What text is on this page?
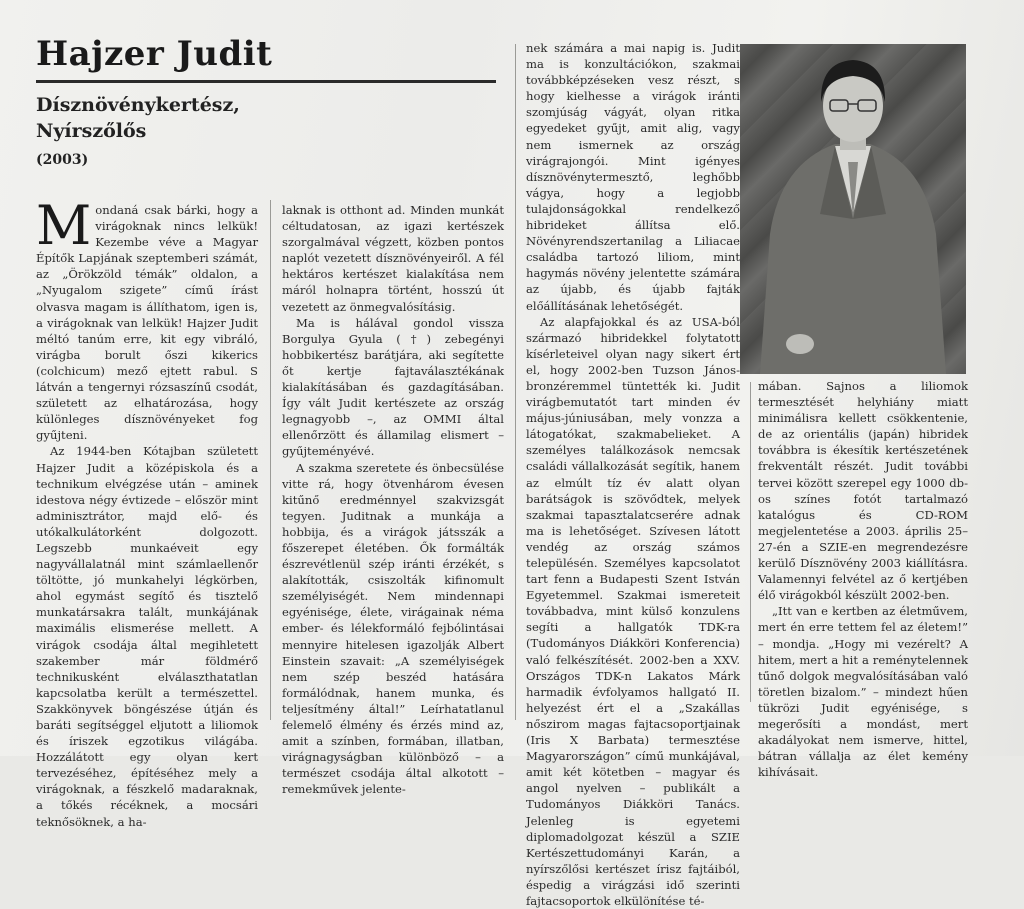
Hajzer Judit
Dísznövénykertész,
Nyírszőlős
(2003)

Mondaná csak bárki, hogy a virágoknak nincs lelkük! Kezembe véve a Magyar Építők Lapjának szeptemberi számát, az „Örökzöld témák” oldalon, a „Nyugalom szigete” című írást olvasva magam is állíthatom, igen is, a virágoknak van lelkük! Hajzer Judit méltó tanúm erre, kit egy vibráló, virágba borult őszi kikerics (colchicum) mező ejtett rabul. S látván a tengernyi rózsaszínű csodát, született az elhatározása, hogy különleges dísznövényeket fog gyűjteni.

Az 1944-ben Kótajban született Hajzer Judit a középiskola és a technikum elvégzése után – aminek idestova négy évtizede – először mint adminisztrátor, majd elő- és utókalkulátorként dolgozott. Legszebb munkaéveit egy nagyvállalatnál mint számlaellenőr töltötte, jó munkahelyi légkörben, ahol egymást segítő és tisztelő munkatársakra talált, munkájának maximális elismerése mellett. A virágok csodája által megihletett szakember már földmérő technikusként elválaszthatatlan kapcsolatba került a természettel. Szakkönyvek böngészése útján és baráti segítséggel eljutott a liliomok és íriszek egzotikus világába. Hozzálátott egy olyan kert tervezéséhez, építéséhez mely a virágoknak, a fészkelő madaraknak, a tőkés récéknek, a mocsári teknősöknek, a ha-

laknak is otthont ad. Minden munkát céltudatosan, az igazi kertészek szorgalmával végzett, közben pontos naplót vezetett dísznövényeiről. A fél hektáros kertészet kialakítása nem máról holnapra történt, hosszú út vezetett az önmegvalósításig.

Ma is hálával gondol vissza Borgulya Gyula (†) zebegényi hobbikertész barátjára, aki segítette őt kertje fajtaválasztékának kialakításában és gazdagításában. Így vált Judit kertészete az ország legnagyobb –, az OMMI által ellenőrzött és államilag elismert – gyűjteményévé.

A szakma szeretete és önbecsülése vitte rá, hogy ötvenhárom évesen kitűnő eredménnyel szakvizsgát tegyen. Juditnak a munkája a hobbija, és a virágok játsszák a főszerepet életében. Ők formálták észrevétlenül szép iránti érzékét, s alakították, csiszolták kifinomult személyiségét. Nem mindennapi egyénisége, élete, virágainak néma ember- és lélekformáló fejbólintásai mennyire hitelesen igazolják Albert Einstein szavait: „A személyiségek nem szép beszéd hatására formálódnak, hanem munka, és teljesítmény által!” Leírhatatlanul felemelő élmény és érzés mind az, amit a színben, formában, illatban, virágnagyságban különböző – a természet csodája által alkotott – remekművek jelente-

nek számára a mai napig is. Judit ma is konzultációkon, szakmai továbbképzéseken vesz részt, s hogy kielhesse a virágok iránti szomjúság vágyát, olyan ritka egyedeket gyűjt, amit alig, vagy nem ismernek az ország virágrajongói. Mint igényes dísznövénytermesztő, leghőbb vágya, hogy a legjobb tulajdonságokkal rendelkező hibrideket állítsa elő. Növényrendszertanilag a Liliacae családba tartozó liliom, mint hagymás növény jelentette számára az újabb, és újabb fajták előállításának lehetőségét.

Az alapfajokkal és az USA-ból származó hibridekkel folytatott kísérleteivel olyan nagy sikert ért el, hogy 2002-ben Tuzson János-bronzéremmel tüntették ki. Judit virágbemutatót tart minden év május-júniusában, mely vonzza a látogatókat, szakmabelieket. A személyes találkozások nemcsak családi vállalkozását segítik, hanem az elmúlt tíz év alatt olyan barátságok is szövődtek, melyek szakmai tapasztalatcserére adnak ma is lehetőséget. Szívesen látott vendég az ország számos településén. Személyes kapcsolatot tart fenn a Budapesti Szent István Egyetemmel. Szakmai ismereteit továbbadva, mint külső konzulens segíti a hallgatók TDK-ra (Tudományos Diákköri Konferencia) való felkészítését. 2002-ben a XXV. Országos TDK-n Lakatos Márk harmadik évfolyamos hallgató II. helyezést ért el a „Szakállas nőszirom magas fajtacsoportjainak (Iris X Barbata) termesztése Magyarországon” című munkájával, amit két kötetben – magyar és angol nyelven – publikált a Tudományos Diákköri Tanács. Jelenleg is egyetemi diplomadolgozat készül a SZIE Kertészettudományi Karán, a nyírszőlősi kertészet írisz fajtáiból, éspedig a virágzási idő szerinti fajtacsoportok elkülönítése té-

mában. Sajnos a liliomok termesztését helyhiány miatt minimálisra kellett csökkentenie, de az orientális (japán) hibridek továbbra is ékesítik kertészetének frekventált részét. Judit további tervei között szerepel egy 1000 db-os színes fotót tartalmazó katalógus és CD-ROM megjelentetése a 2003. április 25–27-én a SZIE-en megrendezésre kerülő Dísznövény 2003 kiállításra. Valamennyi felvétel az ő kertjében élő virágokból készült 2002-ben.

„Itt van e kertben az életművem, mert én erre tettem fel az életem!” – mondja. „Hogy mi vezérelt? A hitem, mert a hit a reménytelennek tűnő dolgok megvalósításában való töretlen bizalom.” – mindezt hűen tükrözi Judit egyénisége, s megerősíti a mondást, mert akadályokat nem ismerve, hittel, bátran vállalja az élet kemény kihívásait.
